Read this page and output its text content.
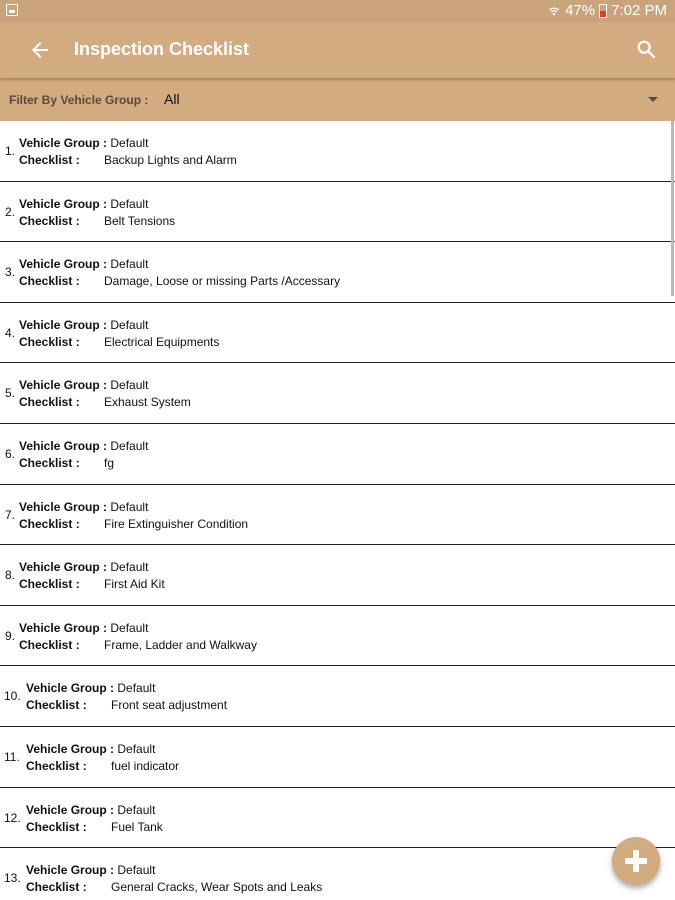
47% 7:02 PM
Inspection Checklist
Filter By Vehicle Group : All
1.
Vehicle Group : Default
Checklist : Backup Lights and Alarm
2.
Vehicle Group : Default
Checklist : Belt Tensions
3.
Vehicle Group : Default
Checklist : Damage, Loose or missing Parts /Accessary
4.
Vehicle Group : Default
Checklist : Electrical Equipments
5.
Vehicle Group : Default
Checklist : Exhaust System
6.
Vehicle Group : Default
Checklist : fg
7.
Vehicle Group : Default
Checklist : Fire Extinguisher Condition
8.
Vehicle Group : Default
Checklist : First Aid Kit
9.
Vehicle Group : Default
Checklist : Frame, Ladder and Walkway
10.
Vehicle Group : Default
Checklist : Front seat adjustment
11.
Vehicle Group : Default
Checklist : fuel indicator
12.
Vehicle Group : Default
Checklist : Fuel Tank
13.
Vehicle Group : Default
Checklist : General Cracks, Wear Spots and Leaks
